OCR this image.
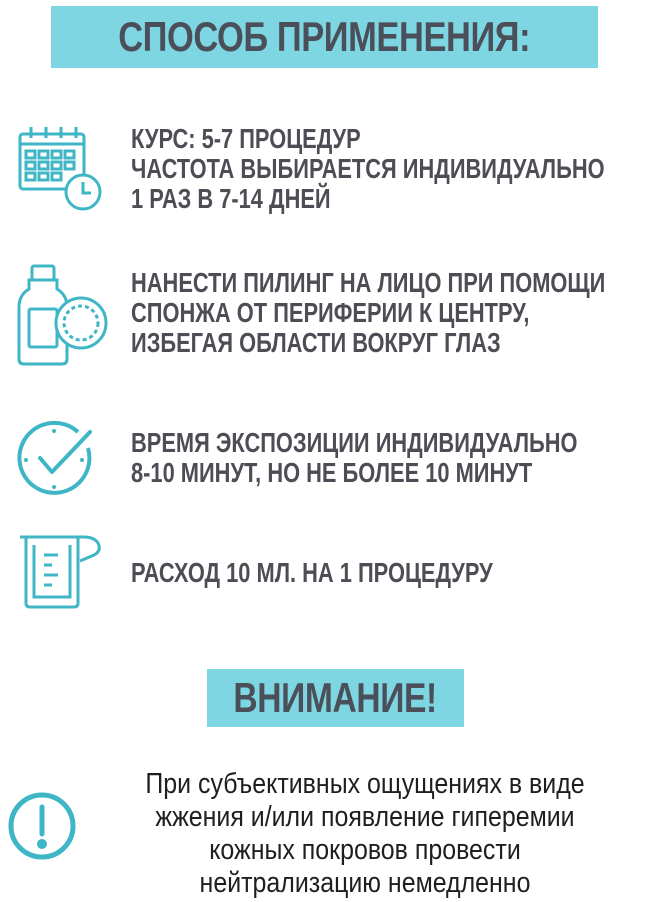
СПОСОБ ПРИМЕНЕНИЯ:
КУРС: 5-7 ПРОЦЕДУР
ЧАСТОТА ВЫБИРАЕТСЯ ИНДИВИДУАЛЬНО
1 РАЗ В 7-14 ДНЕЙ
НАНЕСТИ ПИЛИНГ НА ЛИЦО ПРИ ПОМОЩИ
СПОНЖА ОТ ПЕРИФЕРИИ К ЦЕНТРУ,
ИЗБЕГАЯ ОБЛАСТИ ВОКРУГ ГЛАЗ
ВРЕМЯ ЭКСПОЗИЦИИ ИНДИВИДУАЛЬНО
8-10 МИНУТ, НО НЕ БОЛЕЕ 10 МИНУТ
РАСХОД 10 МЛ. НА 1 ПРОЦЕДУРУ
ВНИМАНИЕ!
При субъективных ощущениях в виде
жжения и/или появление гиперемии
кожных покровов провести
нейтрализацию немедленно
